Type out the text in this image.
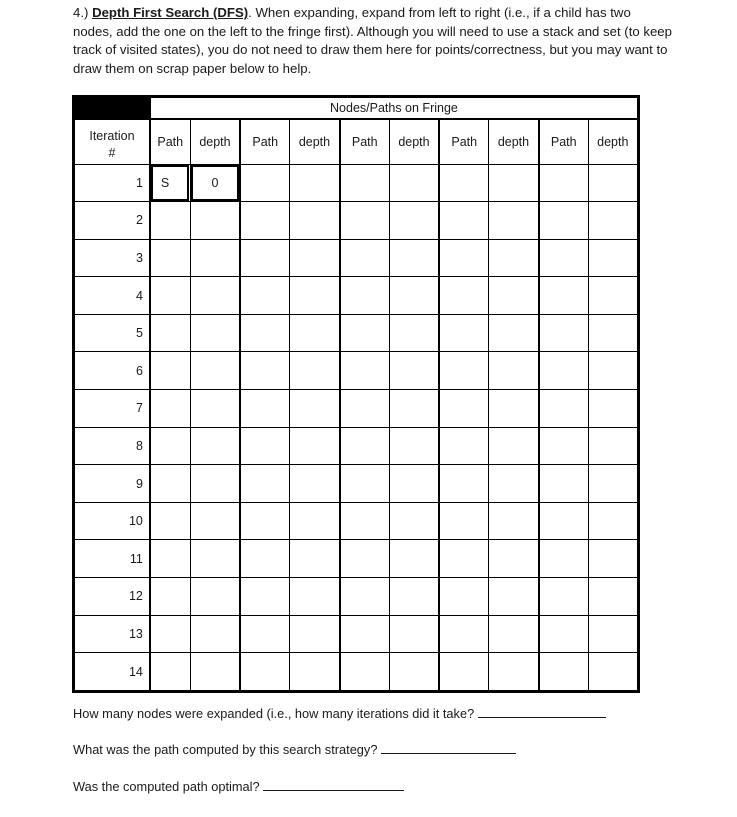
4.) Depth First Search (DFS). When expanding, expand from left to right (i.e., if a child has two nodes, add the one on the left to the fringe first). Although you will need to use a stack and set (to keep track of visited states), you do not need to draw them here for points/correctness, but you may want to draw them on scrap paper below to help.
	Nodes/Paths on Fringe									
Iteration
#	Path	depth	Path	depth	Path	depth	Path	depth	Path	depth
1	S	0								
2										
3										
4										
5										
6										
7										
8										
9										
10										
11										
12										
13										
14										
How many nodes were expanded (i.e., how many iterations did it take?
What was the path computed by this search strategy?
Was the computed path optimal?
